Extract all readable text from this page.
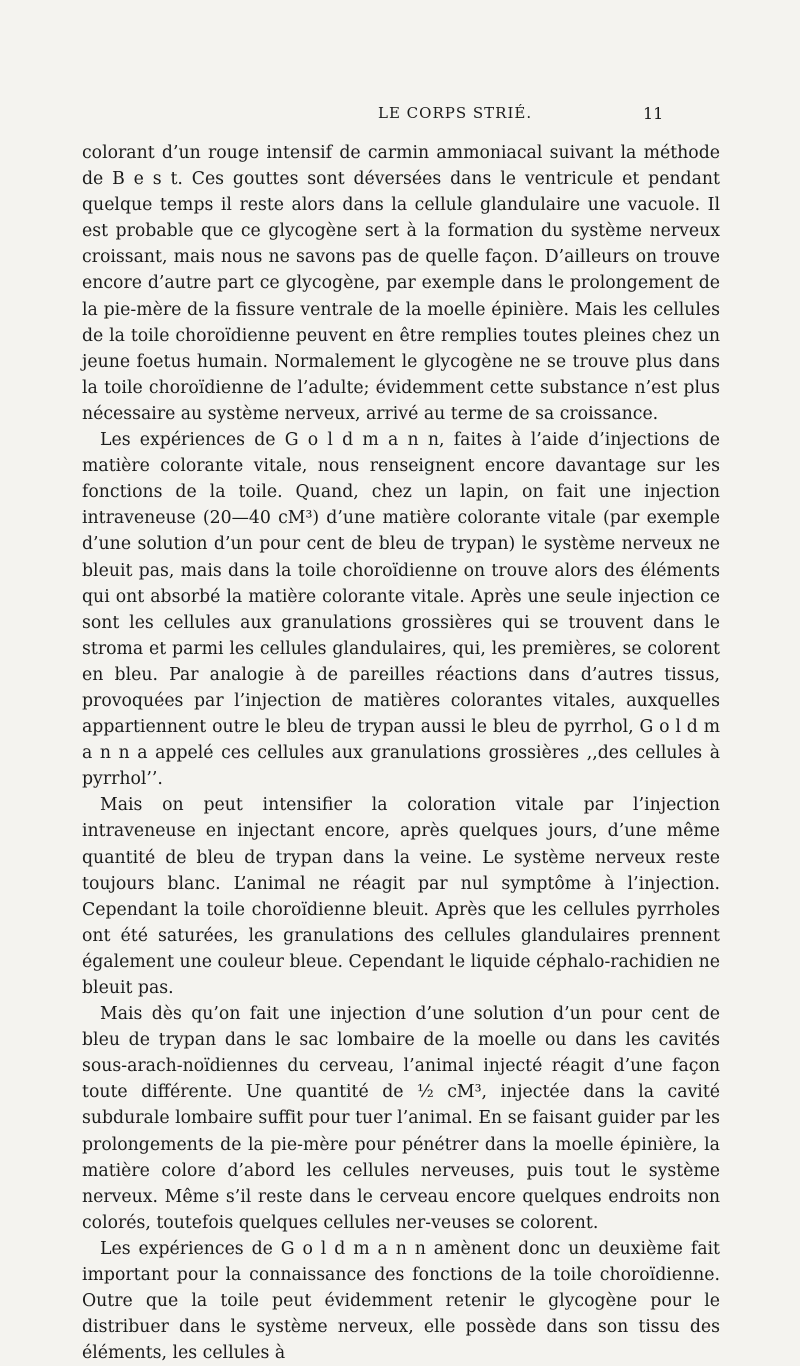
LE CORPS STRIÉ.	11

colorant d’un rouge intensif de carmin ammoniacal suivant la méthode de B e s t. Ces gouttes sont déversées dans le ventricule et pendant quelque temps il reste alors dans la cellule glandulaire une vacuole. Il est probable que ce glycogène sert à la formation du système nerveux croissant, mais nous ne savons pas de quelle façon. D’ailleurs on trouve encore d’autre part ce glycogène, par exemple dans le prolongement de la pie-mère de la fissure ventrale de la moelle épinière. Mais les cellules de la toile choroïdienne peuvent en être remplies toutes pleines chez un jeune foetus humain. Normalement le glycogène ne se trouve plus dans la toile choroïdienne de l’adulte; évidemment cette substance n’est plus nécessaire au système nerveux, arrivé au terme de sa croissance.

Les expériences de G o l d m a n n, faites à l’aide d’injections de matière colorante vitale, nous renseignent encore davantage sur les fonctions de la toile. Quand, chez un lapin, on fait une injection intraveneuse (20—40 cM³) d’une matière colorante vitale (par exemple d’une solution d’un pour cent de bleu de trypan) le système nerveux ne bleuit pas, mais dans la toile choroïdienne on trouve alors des éléments qui ont absorbé la matière colorante vitale. Après une seule injection ce sont les cellules aux granulations grossières qui se trouvent dans le stroma et parmi les cellules glandulaires, qui, les premières, se colorent en bleu. Par analogie à de pareilles réactions dans d’autres tissus, provoquées par l’injection de matières colorantes vitales, auxquelles appartiennent outre le bleu de trypan aussi le bleu de pyrrhol, G o l d m a n n a appelé ces cellules aux granulations grossières ,,des cellules à pyrrhol’’.

Mais on peut intensifier la coloration vitale par l’injection intraveneuse en injectant encore, après quelques jours, d’une même quantité de bleu de trypan dans la veine. Le système nerveux reste toujours blanc. L’animal ne réagit par nul symptôme à l’injection. Cependant la toile choroïdienne bleuit. Après que les cellules pyrrholes ont été saturées, les granulations des cellules glandulaires prennent également une couleur bleue. Cependant le liquide céphalo-rachidien ne bleuit pas.

Mais dès qu’on fait une injection d’une solution d’un pour cent de bleu de trypan dans le sac lombaire de la moelle ou dans les cavités sous-arach-noïdiennes du cerveau, l’animal injecté réagit d’une façon toute différente. Une quantité de ½ cM³, injectée dans la cavité subdurale lombaire suffit pour tuer l’animal. En se faisant guider par les prolongements de la pie-mère pour pénétrer dans la moelle épinière, la matière colore d’abord les cellules nerveuses, puis tout le système nerveux. Même s’il reste dans le cerveau encore quelques endroits non colorés, toutefois quelques cellules ner-veuses se colorent.

Les expériences de G o l d m a n n amènent donc un deuxième fait important pour la connaissance des fonctions de la toile choroïdienne. Outre que la toile peut évidemment retenir le glycogène pour le distribuer dans le système nerveux, elle possède dans son tissu des éléments, les cellules à
